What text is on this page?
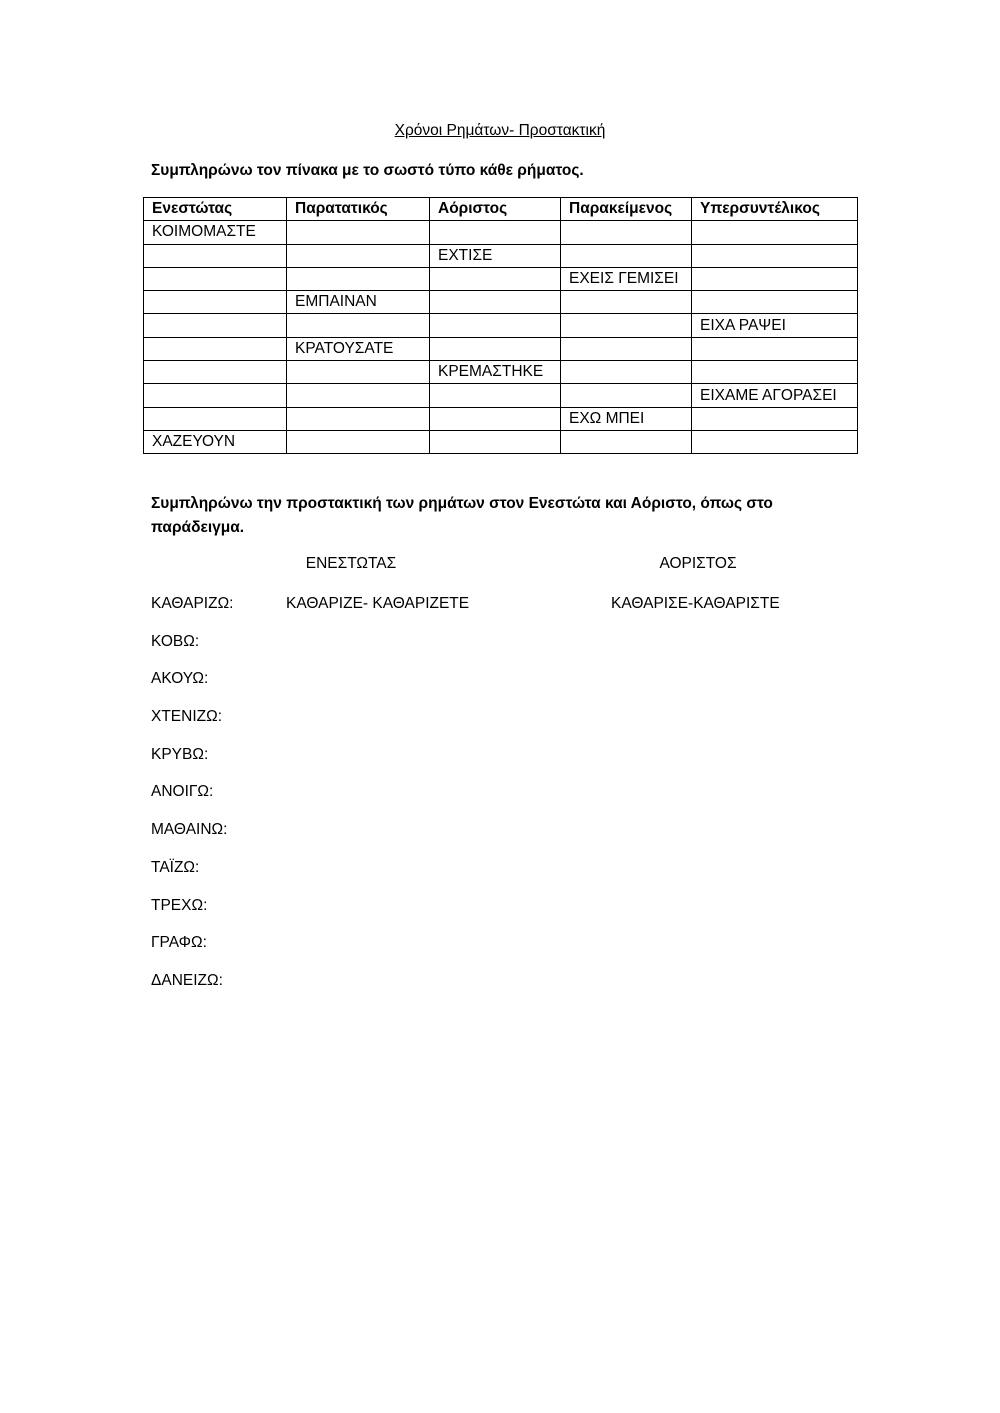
Χρόνοι Ρημάτων- Προστακτική
Συμπληρώνω τον πίνακα με το σωστό τύπο κάθε ρήματος.
Ενεστώτας	Παρατατικός	Αόριστος	Παρακείμενος	Υπερσυντέλικος
ΚΟΙΜΟΜΑΣΤΕ				
		ΕΧΤΙΣΕ		
			ΕΧΕΙΣ ΓΕΜΙΣΕΙ	
	ΕΜΠΑΙΝΑΝ			
				ΕΙΧΑ ΡΑΨΕΙ
	ΚΡΑΤΟΥΣΑΤΕ			
		ΚΡΕΜΑΣΤΗΚΕ		
				ΕΙΧΑΜΕ ΑΓΟΡΑΣΕΙ
			ΕΧΩ ΜΠΕΙ	
ΧΑΖΕΥΟΥΝ				
Συμπληρώνω την προστακτική των ρημάτων στον Ενεστώτα και Αόριστο, όπως στο παράδειγμα.
ΕΝΕΣΤΩΤΑΣ	ΑΟΡΙΣΤΟΣ
ΚΑΘΑΡΙΖΩ:	ΚΑΘΑΡΙΖΕ- ΚΑΘΑΡΙΖΕΤΕ	ΚΑΘΑΡΙΣΕ-ΚΑΘΑΡΙΣΤΕ
ΚΟΒΩ:
ΑΚΟΥΩ:
ΧΤΕΝΙΖΩ:
ΚΡΥΒΩ:
ΑΝΟΙΓΩ:
ΜΑΘΑΙΝΩ:
ΤΑΪΖΩ:
ΤΡΕΧΩ:
ΓΡΑΦΩ:
ΔΑΝΕΙΖΩ:
